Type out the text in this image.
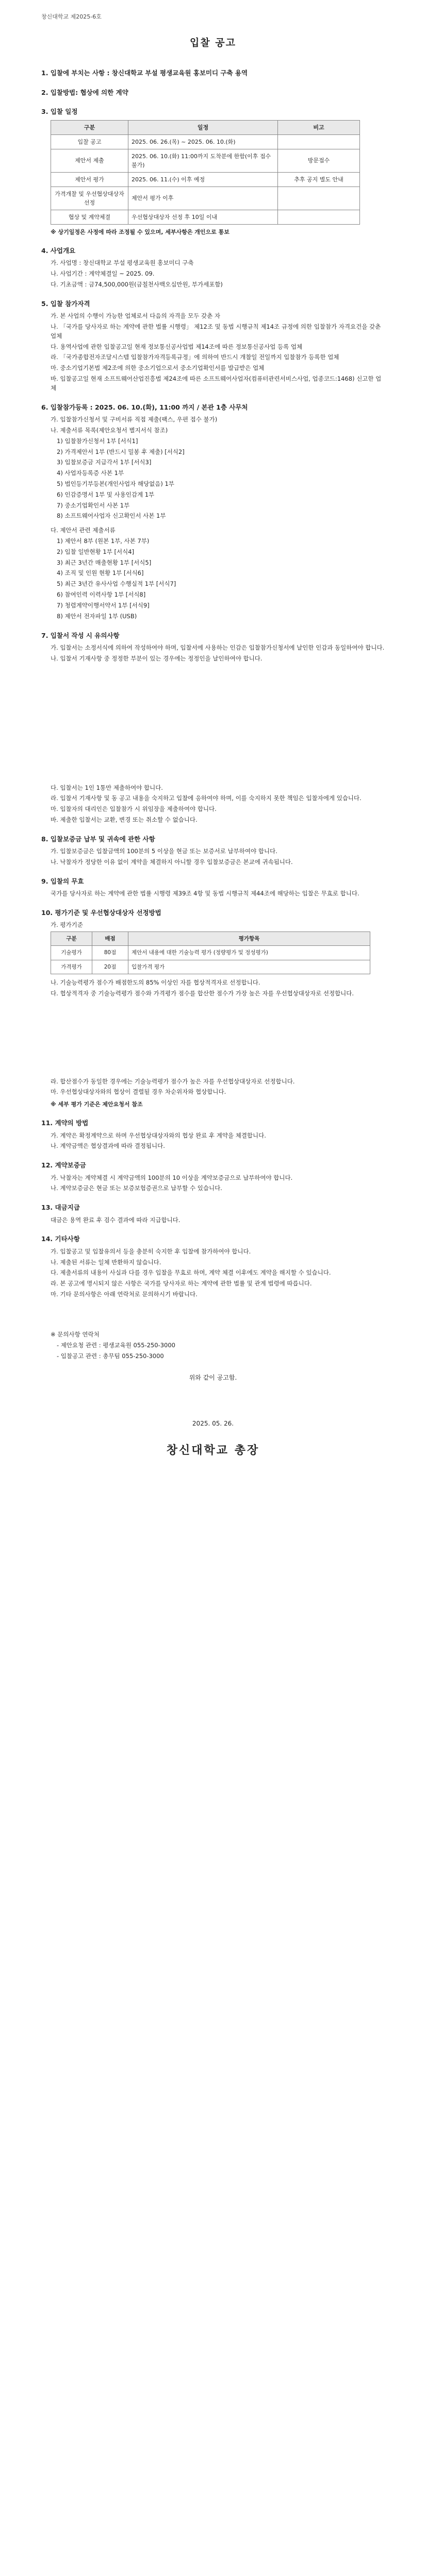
창신대학교 제2025-6호
입찰 공고
1. 입찰에 부치는 사항 : 창신대학교 부설 평생교육원 홍보미디 구축 용역
2. 입찰방법: 협상에 의한 계약
3. 입찰 일정
구분	일정	비고
입찰 공고	2025. 06. 26.(목) ~ 2025. 06. 10.(화)	
제안서 제출	2025. 06. 10.(화) 11:00까지 도착분에 한함(이후 접수불가)	방문접수
제안서 평가	2025. 06. 11.(수) 이후 예정	추후 공지 별도 안내
가격개찰 및 우선협상대상자 선정	제안서 평가 이후	
협상 및 계약체결	우선협상대상자 선정 후 10일 이내	
※ 상기일정은 사정에 따라 조정될 수 있으며, 세부사항은 개인으로 통보
4. 사업개요
가. 사업명 : 창신대학교 부설 평생교육원 홍보미디 구축
나. 사업기간 : 계약체결일 ~ 2025. 09.
다. 기초금액 : 금74,500,000원(금칠천사백오십만원, 부가세포함)
5. 입찰 참가자격
가. 본 사업의 수행이 가능한 업체로서 다음의 자격을 모두 갖춘 자
나. 「국가를 당사자로 하는 계약에 관한 법률 시행령」 제12조 및 동법 시행규칙 제14조 규정에 의한 입찰참가 자격요건을 갖춘 업체
다. 용역사업에 관한 입찰공고일 현재 정보통신공사업법 제14조에 따른 정보통신공사업 등록 업체
라. 「국가종합전자조달시스템 입찰참가자격등록규정」에 의하여 반드시 개찰일 전일까지 입찰참가 등록한 업체
마. 중소기업기본법 제2조에 의한 중소기업으로서 중소기업확인서를 발급받은 업체
바. 입찰공고일 현재 소프트웨어산업진흥법 제24조에 따른 소프트웨어사업자(컴퓨터관련서비스사업, 업종코드:1468) 신고한 업체
6. 입찰참가등록 : 2025. 06. 10.(화), 11:00 까지 / 본관 1층 사무처
가. 입찰참가신청서 및 구비서류 직접 제출(팩스, 우편 접수 불가)
나. 제출서류 목록(제안요청서 별지서식 참조)
1) 입찰참가신청서 1부 [서식1]
2) 가격제안서 1부 (반드시 밀봉 후 제출) [서식2]
3) 입찰보증금 지급각서 1부 [서식3]
4) 사업자등록증 사본 1부
5) 법인등기부등본(개인사업자 해당없음) 1부
6) 인감증명서 1부 및 사용인감계 1부
7) 중소기업확인서 사본 1부
8) 소프트웨어사업자 신고확인서 사본 1부
다. 제안서 관련 제출서류
1) 제안서 8부 (원본 1부, 사본 7부)
2) 입찰 일반현황 1부 [서식4]
3) 최근 3년간 매출현황 1부 [서식5]
4) 조직 및 인원 현황 1부 [서식6]
5) 최근 3년간 유사사업 수행실적 1부 [서식7]
6) 참여인력 이력사항 1부 [서식8]
7) 청렴계약이행서약서 1부 [서식9]
8) 제안서 전자파일 1부 (USB)
7. 입찰서 작성 시 유의사항
가. 입찰서는 소정서식에 의하여 작성하여야 하며, 입찰서에 사용하는 인감은 입찰참가신청서에 날인한 인감과 동일하여야 합니다.
나. 입찰서 기재사항 중 정정한 부분이 있는 경우에는 정정인을 날인하여야 합니다.
다. 입찰서는 1인 1통만 제출하여야 합니다.
라. 입찰서 기재사항 및 동 공고 내용을 숙지하고 입찰에 응하여야 하며, 이를 숙지하지 못한 책임은 입찰자에게 있습니다.
마. 입찰자의 대리인은 입찰참가 시 위임장을 제출하여야 합니다.
바. 제출한 입찰서는 교환, 변경 또는 취소할 수 없습니다.
8. 입찰보증금 납부 및 귀속에 관한 사항
가. 입찰보증금은 입찰금액의 100분의 5 이상을 현금 또는 보증서로 납부하여야 합니다.
나. 낙찰자가 정당한 이유 없이 계약을 체결하지 아니할 경우 입찰보증금은 본교에 귀속됩니다.
9. 입찰의 무효
국가를 당사자로 하는 계약에 관한 법률 시행령 제39조 4항 및 동법 시행규칙 제44조에 해당하는 입찰은 무효로 합니다.
10. 평가기준 및 우선협상대상자 선정방법
가. 평가기준
구분	배점	평가항목
기술평가	80점	제안서 내용에 대한 기술능력 평가 (정량평가 및 정성평가)
가격평가	20점	입찰가격 평가
나. 기술능력평가 점수가 배점한도의 85% 이상인 자를 협상적격자로 선정합니다.
다. 협상적격자 중 기술능력평가 점수와 가격평가 점수를 합산한 점수가 가장 높은 자를 우선협상대상자로 선정합니다.
라. 합산점수가 동일한 경우에는 기술능력평가 점수가 높은 자를 우선협상대상자로 선정합니다.
마. 우선협상대상자와의 협상이 결렬될 경우 차순위자와 협상합니다.
※ 세부 평가 기준은 제안요청서 참조
11. 계약의 방법
가. 계약은 확정계약으로 하며 우선협상대상자와의 협상 완료 후 계약을 체결합니다.
나. 계약금액은 협상결과에 따라 결정됩니다.
12. 계약보증금
가. 낙찰자는 계약체결 시 계약금액의 100분의 10 이상을 계약보증금으로 납부하여야 합니다.
나. 계약보증금은 현금 또는 보증보험증권으로 납부할 수 있습니다.
13. 대금지급
대금은 용역 완료 후 검수 결과에 따라 지급합니다.
14. 기타사항
가. 입찰공고 및 입찰유의서 등을 충분히 숙지한 후 입찰에 참가하여야 합니다.
나. 제출된 서류는 일체 반환하지 않습니다.
다. 제출서류의 내용이 사실과 다를 경우 입찰을 무효로 하며, 계약 체결 이후에도 계약을 해지할 수 있습니다.
라. 본 공고에 명시되지 않은 사항은 국가를 당사자로 하는 계약에 관한 법률 및 관계 법령에 따릅니다.
마. 기타 문의사항은 아래 연락처로 문의하시기 바랍니다.
※ 문의사항 연락처
- 제안요청 관련 : 평생교육원 055-250-3000
- 입찰공고 관련 : 총무팀 055-250-3000
위와 같이 공고함.
2025. 05. 26.
창신대학교 총장
